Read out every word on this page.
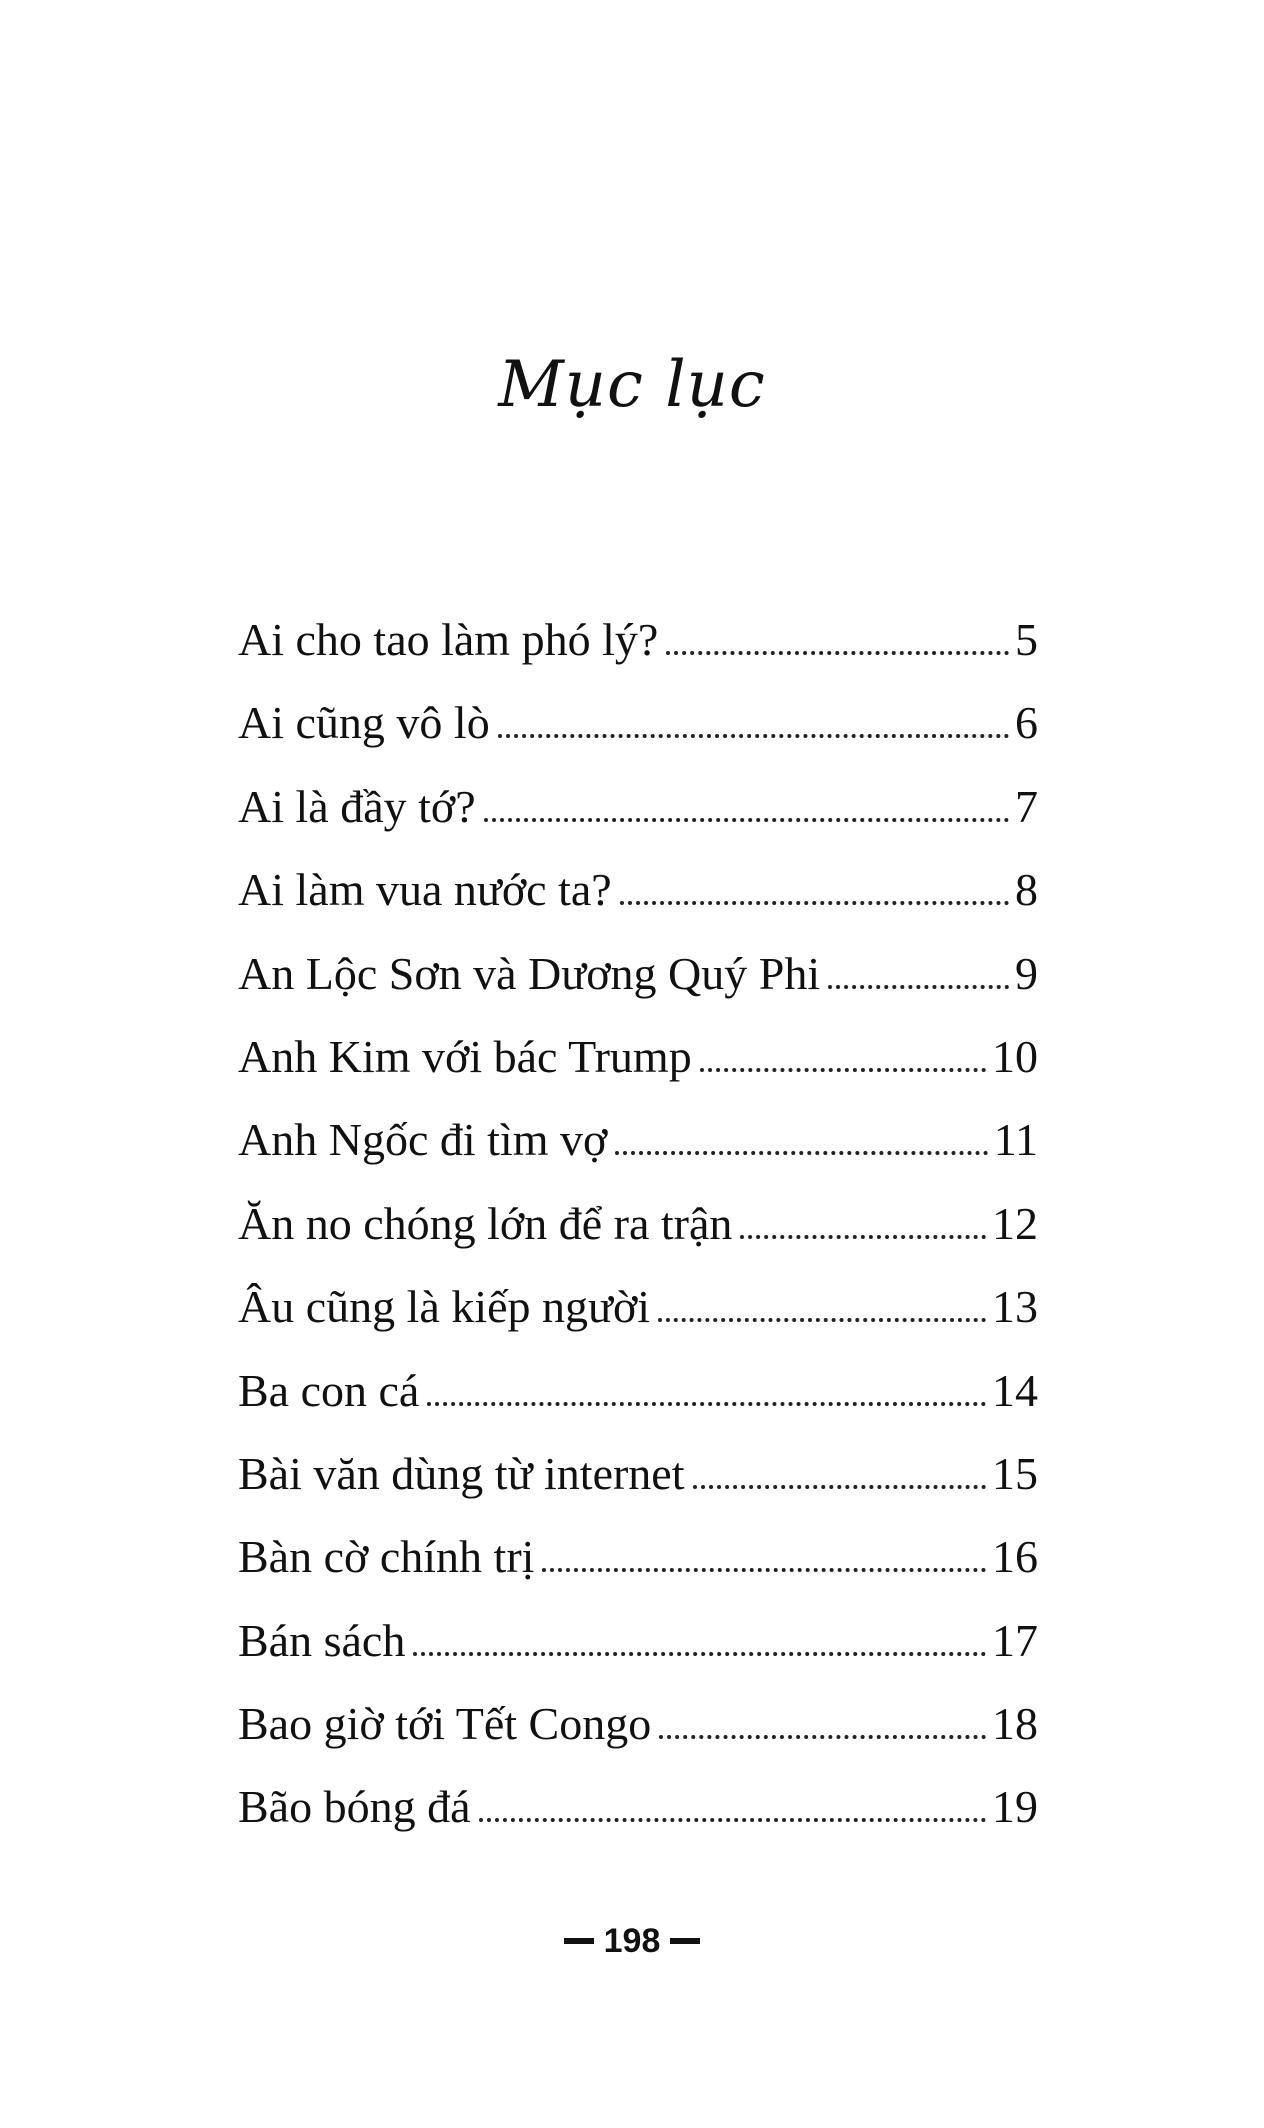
Mục lục
Ai cho tao làm phó lý?	5
Ai cũng vô lò	6
Ai là đầy tớ?	7
Ai làm vua nước ta?	8
An Lộc Sơn và Dương Quý Phi	9
Anh Kim với bác Trump	10
Anh Ngốc đi tìm vợ	11
Ăn no chóng lớn để ra trận	12
Âu cũng là kiếp người	13
Ba con cá	14
Bài văn dùng từ internet	15
Bàn cờ chính trị	16
Bán sách	17
Bao giờ tới Tết Congo	18
Bão bóng đá	19
198
